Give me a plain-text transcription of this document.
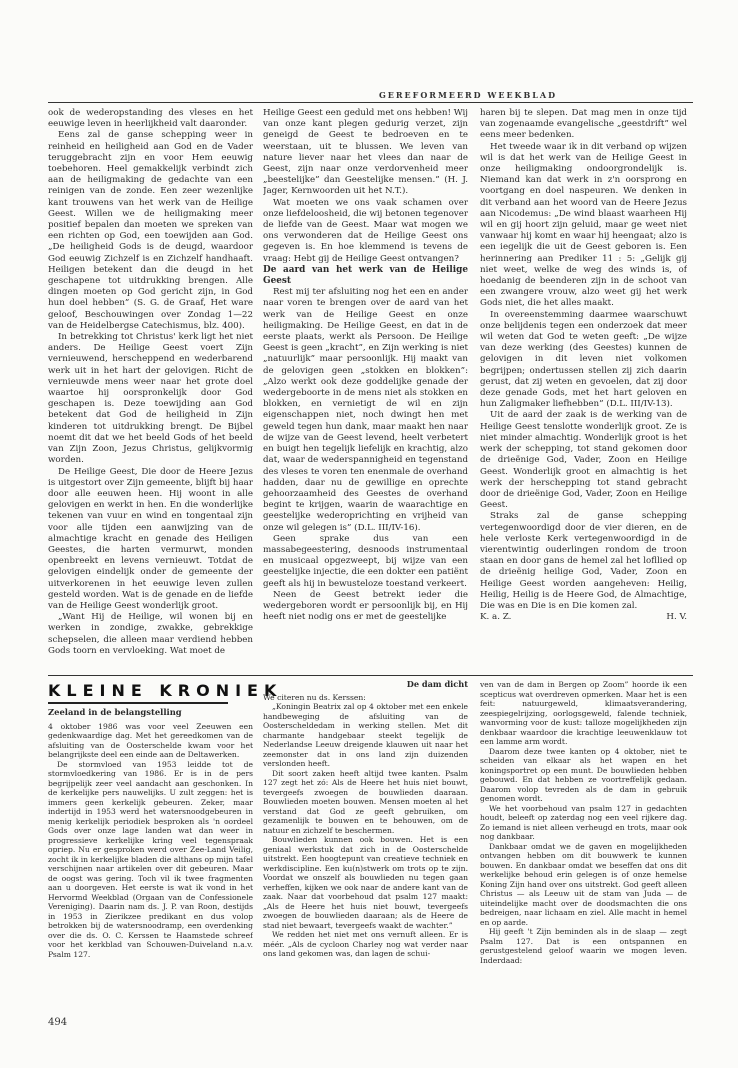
GEREFORMEERD WEEKBLAD

ook de wederopstanding des vleses en het eeuwige leven in heerlijkheid valt daaronder.

Eens zal de ganse schepping weer in reinheid en heiligheid aan God en de Vader teruggebracht zijn en voor Hem eeuwig toebehoren. Heel gemakkelijk verbindt zich aan de heiligmaking de gedachte van een reinigen van de zonde. Een zeer wezenlijke kant trouwens van het werk van de Heilige Geest. Willen we de heiligmaking meer positief bepalen dan moeten we spreken van een richten op God, een toewijden aan God. „De heiligheid Gods is de deugd, waardoor God eeuwig Zichzelf is en Zichzelf handhaaft. Heiligen betekent dan die deugd in het geschapene tot uitdrukking brengen. Alle dingen moeten op God gericht zijn, in God hun doel hebben” (S. G. de Graaf, Het ware geloof, Beschouwingen over Zondag 1—22 van de Heidelbergse Catechismus, blz. 400).

In betrekking tot Christus' kerk ligt het niet anders. De Heilige Geest voert Zijn vernieuwend, herscheppend en wederbarend werk uit in het hart der gelovigen. Richt de vernieuwde mens weer naar het grote doel waartoe hij oorspronkelijk door God geschapen is. Deze toewijding aan God betekent dat God de heiligheid in Zijn kinderen tot uitdrukking brengt. De Bijbel noemt dit dat we het beeld Gods of het beeld van Zijn Zoon, Jezus Christus, gelijkvormig worden.

De Heilige Geest, Die door de Heere Jezus is uitgestort over Zijn gemeente, blijft bij haar door alle eeuwen heen. Hij woont in alle gelovigen en werkt in hen. En die wonderlijke tekenen van vuur en wind en tongentaal zijn voor alle tijden een aanwijzing van de almachtige kracht en genade des Heiligen Geestes, die harten vermurwt, monden openbreekt en levens vernieuwt. Totdat de gelovigen eindelijk onder de gemeente der uitverkorenen in het eeuwige leven zullen gesteld worden. Wat is de genade en de liefde van de Heilige Geest wonderlijk groot.

„Want Hij de Heilige, wil wonen bij en werken in zondige, zwakke, gebrekkige schepselen, die alleen maar verdiend hebben Gods toorn en vervloeking. Wat moet de

Heilige Geest een geduld met ons hebben! Wij van onze kant plegen gedurig verzet, zijn geneigd de Geest te bedroeven en te weerstaan, uit te blussen. We leven van nature liever naar het vlees dan naar de Geest, zijn naar onze verdorvenheid meer „beestelijke” dan Geestelijke mensen.” (H. J. Jager, Kernwoorden uit het N.T.).

Wat moeten we ons vaak schamen over onze liefdeloosheid, die wij betonen tegenover de liefde van de Geest. Maar wat mogen we ons verwonderen dat de Heilige Geest ons gegeven is. En hoe klemmend is tevens de vraag: Hebt gij de Heilige Geest ontvangen?

De aard van het werk van de Heilige Geest

Rest mij ter afsluiting nog het een en ander naar voren te brengen over de aard van het werk van de Heilige Geest en onze heiligmaking. De Heilige Geest, en dat in de eerste plaats, werkt als Persoon. De Heilige Geest is geen „kracht”, en Zijn werking is niet „natuurlijk” maar persoonlijk. Hij maakt van de gelovigen geen „stokken en blokken”: „Alzo werkt ook deze goddelijke genade der wedergeboorte in de mens niet als stokken en blokken, en vernietigt de wil en zijn eigenschappen niet, noch dwingt hen met geweld tegen hun dank, maar maakt hen naar de wijze van de Geest levend, heelt verbetert en buigt hen tegelijk liefelijk en krachtig, alzo dat, waar de wederspannigheid en tegenstand des vleses te voren ten enenmale de overhand hadden, daar nu de gewillige en oprechte gehoorzaamheid des Geestes de overhand begint te krijgen, waarin de waarachtige en geestelijke wederoprichting en vrijheid van onze wil gelegen is” (D.L. III/IV-16).

Geen sprake dus van een massabegeestering, desnoods instrumentaal en musicaal opgezweept, bij wijze van een geestelijke injectie, die een dokter een patiënt geeft als hij in bewusteloze toestand verkeert.

Neen de Geest betrekt ieder die wedergeboren wordt er persoonlijk bij, en Hij heeft niet nodig ons er met de geestelijke

haren bij te slepen. Dat mag men in onze tijd van zogenaamde evangelische „geestdrift” wel eens meer bedenken.

Het tweede waar ik in dit verband op wijzen wil is dat het werk van de Heilige Geest in onze heiligmaking ondoorgrondelijk is. Niemand kan dat werk in z'n oorsprong en voortgang en doel naspeuren. We denken in dit verband aan het woord van de Heere Jezus aan Nicodemus: „De wind blaast waarheen Hij wil en gij hoort zijn geluid, maar ge weet niet vanwaar hij komt en waar hij heengaat; alzo is een iegelijk die uit de Geest geboren is. Een herinnering aan Prediker 11 : 5: „Gelijk gij niet weet, welke de weg des winds is, of hoedanig de beenderen zijn in de schoot van een zwangere vrouw, alzo weet gij het werk Gods niet, die het alles maakt.

In overeenstemming daarmee waarschuwt onze belijdenis tegen een onderzoek dat meer wil weten dat God te weten geeft: „De wijze van deze werking (des Geestes) kunnen de gelovigen in dit leven niet volkomen begrijpen; ondertussen stellen zij zich daarin gerust, dat zij weten en gevoelen, dat zij door deze genade Gods, met het hart geloven en hun Zaligmaker liefhebben” (D.L. III/IV-13).

Uit de aard der zaak is de werking van de Heilige Geest tenslotte wonderlijk groot. Ze is niet minder almachtig. Wonderlijk groot is het werk der schepping, tot stand gekomen door de drieënige God, Vader, Zoon en Heilige Geest. Wonderlijk groot en almachtig is het werk der herschepping tot stand gebracht door de drieënige God, Vader, Zoon en Heilige Geest.

Straks zal de ganse schepping vertegenwoordigd door de vier dieren, en de hele verloste Kerk vertegenwoordigd in de vierentwintig ouderlingen rondom de troon staan en door gans de hemel zal het lofllied op de drieënig heilige God, Vader, Zoon en Heilige Geest worden aangeheven: Heilig, Heilig, Heilig is de Heere God, de Almachtige, Die was en Die is en Die komen zal.

K. a. Z.	H. V.

KLEINE KRONIEK

Zeeland in de belangstelling

4 oktober 1986 was voor veel Zeeuwen een gedenkwaardige dag. Met het gereedkomen van de afsluiting van de Oosterschelde kwam voor het belangrijkste deel een einde aan de Deltawerken.

De stormvloed van 1953 leidde tot de stormvloedkering van 1986. Er is in de pers begrijpelijk zeer veel aandacht aan geschonken. In de kerkelijke pers nauwelijks. U zult zeggen: het is immers geen kerkelijk gebeuren. Zeker, maar indertijd in 1953 werd het watersnoodgebeuren in menig kerkelijk periodiek besproken als 'n oordeel Gods over onze lage landen wat dan weer in progressieve kerkelijke kring veel tegenspraak opriep. Nu er gesproken werd over Zee-Land Veilig, zocht ik in kerkelijke bladen die althans op mijn tafel verschijnen naar artikelen over dit gebeuren. Maar de oogst was gering. Toch vil ik twee fragmenten aan u doorgeven. Het eerste is wat ik vond in het Hervormd Weekblad (Orgaan van de Confessionele Vereniging). Daarin nam ds. J. P. van Roon, destijds in 1953 in Zierikzee predikant en dus volop betrokken bij de watersnoodramp, een overdenking over die ds. O. C. Kerssen te Haamstede schreef voor het kerkblad van Schouwen-Duiveland n.a.v. Psalm 127.

De dam dicht

We citeren nu ds. Kerssen:

„Koningin Beatrix zal op 4 oktober met een enkele handbeweging de afsluiting van de Oosterscheldedam in werking stellen. Met dit charmante handgebaar steekt tegelijk de Nederlandse Leeuw dreigende klauwen uit naar het zeemonster dat in ons land zijn duizenden verslonden heeft.

Dit soort zaken heeft altijd twee kanten. Psalm 127 zegt het zó: Als de Heere het huis niet bouwt, tevergeefs zwoegen de bouwlieden daaraan. Bouwlieden moeten bouwen. Mensen moeten al het verstand dat God ze geeft gebruiken, om gezamenlijk te bouwen en te behouwen, om de natuur en zichzelf te beschermen.

Bouwlieden kunnen ook bouwen. Het is een geniaal werkstuk dat zich in de Oosterschelde uitstrekt. Een hoogtepunt van creatieve techniek en werkdiscipline. Een ku(n)stwerk om trots op te zijn. Voordat we onszelf als bouwlieden nu tegen gaan verheffen, kijken we ook naar de andere kant van de zaak. Naar dat voorbehoud dat psalm 127 maakt: „Als de Heere het huis niet bouwt, tevergeefs zwoegen de bouwlieden daaraan; als de Heere de stad niet bewaart, tevergeefs waakt de wachter.”

We redden het niet met ons vernuft alleen. Er is méér. „Als de cycloon Charley nog wat verder naar ons land gekomen was, dan lagen de schui-

ven van de dam in Bergen op Zoom” hoorde ik een scepticus wat overdreven opmerken. Maar het is een feit: natuurgeweld, klimaatsverandering, zeespiegelrijzing, oorlogsgeweld, falende techniek, wanvorming voor de kust: talloze mogelijkheden zijn denkbaar waardoor die krachtige leeuwenklauw tot een lamme arm wordt.

Daarom deze twee kanten op 4 oktober, niet te scheiden van elkaar als het wapen en het koningsportret op een munt. De bouwlieden hebben gebouwd. En dat hebben ze voortreffelijk gedaan. Daarom volop tevreden als de dam in gebruik genomen wordt.

We het voorbehoud van psalm 127 in gedachten houdt, beleeft op zaterdag nog een veel rijkere dag. Zo iemand is niet alleen verheugd en trots, maar ook nog dankbaar.

Dankbaar omdat we de gaven en mogelijkheden ontvangen hebben om dit bouwwerk te kunnen bouwen. En dankbaar omdat we beseffen dat ons dit werkelijke behoud erin gelegen is of onze hemelse Koning Zijn hand over ons uitstrekt. God geeft alleen Christus — als Leeuw uit de stam van Juda — de uiteindelijke macht over de doodsmachten die ons bedreigen, naar lichaam en ziel. Alle macht in hemel en op aarde.

Hij geeft 't Zijn beminden als in de slaap — zegt Psalm 127. Dat is een ontspannen en gerustgestelend geloof waarin we mogen leven. Inderdaad:

494
